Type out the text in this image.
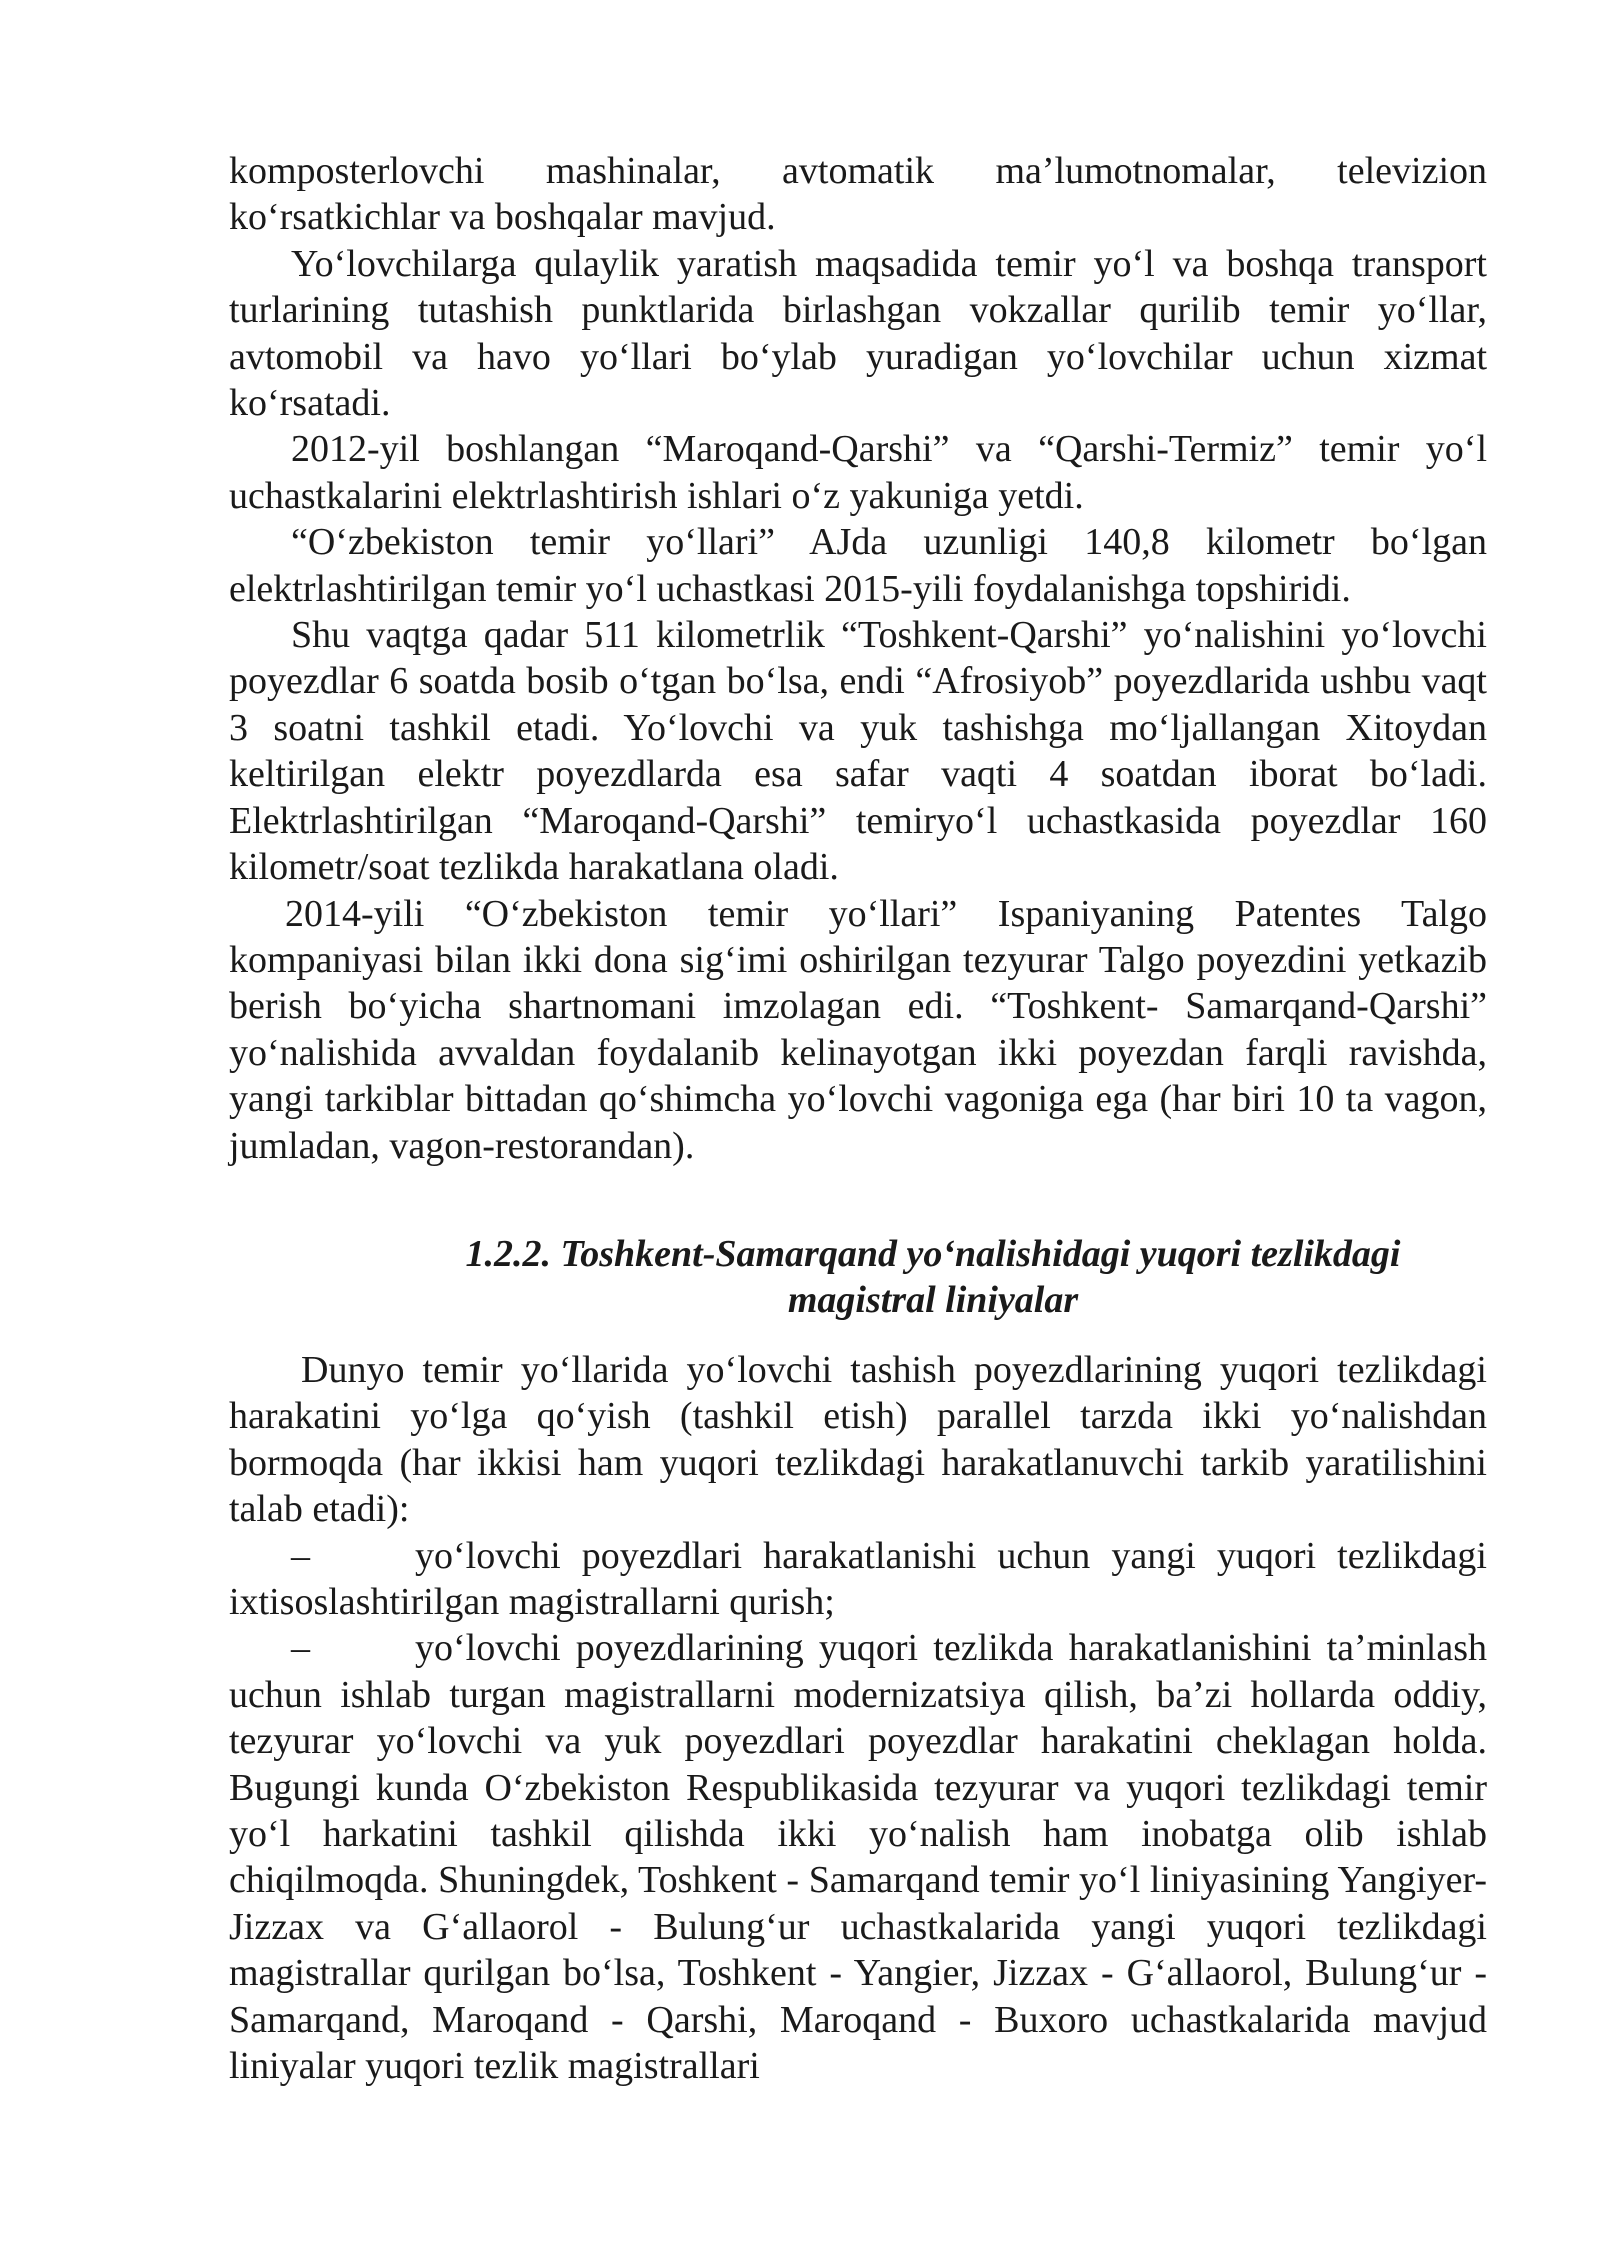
komposterlovchi mashinalar, avtomatik ma’lumotnomalar, televizion ko‘rsatkichlar va boshqalar mavjud.

Yo‘lovchilarga qulaylik yaratish maqsadida temir yo‘l va boshqa transport turlarining tutashish punktlarida birlashgan vokzallar qurilib temir yo‘llar, avtomobil va havo yo‘llari bo‘ylab yuradigan yo‘lovchilar uchun xizmat ko‘rsatadi.

2012-yil boshlangan “Maroqand-Qarshi” va “Qarshi-Termiz” temir yo‘l uchastkalarini elektrlashtirish ishlari o‘z yakuniga yetdi.

“O‘zbekiston temir yo‘llari” AJda uzunligi 140,8 kilometr bo‘lgan elektrlashtirilgan temir yo‘l uchastkasi 2015-yili foydalanishga topshiridi.

Shu vaqtga qadar 511 kilometrlik “Toshkent-Qarshi” yo‘nalishini yo‘lovchi poyezdlar 6 soatda bosib o‘tgan bo‘lsa, endi “Afrosiyob” poyezdlarida ushbu vaqt 3 soatni tashkil etadi. Yo‘lovchi va yuk tashishga mo‘ljallangan Xitoydan keltirilgan elektr poyezdlarda esa safar vaqti 4 soatdan iborat bo‘ladi. Elektrlashtirilgan “Maroqand-Qarshi” temiryo‘l uchastkasida poyezdlar 160 kilometr/soat tezlikda harakatlana oladi.

2014-yili “O‘zbekiston temir yo‘llari” Ispaniyaning Patentes Talgo kompaniyasi bilan ikki dona sig‘imi oshirilgan tezyurar Talgo poyezdini yetkazib berish bo‘yicha shartnomani imzolagan edi. “Toshkent- Samarqand-Qarshi” yo‘nalishida avvaldan foydalanib kelinayotgan ikki poyezdan farqli ravishda, yangi tarkiblar bittadan qo‘shimcha yo‘lovchi vagoniga ega (har biri 10 ta vagon, jumladan, vagon-restorandan).

1.2.2. Toshkent-Samarqand yo‘nalishidagi yuqori tezlikdagi
magistral liniyalar

Dunyo temir yo‘llarida yo‘lovchi tashish poyezdlarining yuqori tezlikdagi harakatini yo‘lga qo‘yish (tashkil etish) parallel tarzda ikki yo‘nalishdan bormoqda (har ikkisi ham yuqori tezlikdagi harakatlanuvchi tarkib yaratilishini talab etadi):

–	yo‘lovchi poyezdlari harakatlanishi uchun yangi yuqori tezlikdagi ixtisoslashtirilgan magistrallarni qurish;

–	yo‘lovchi poyezdlarining yuqori tezlikda harakatlanishini ta’minlash uchun ishlab turgan magistrallarni modernizatsiya qilish, ba’zi hollarda oddiy, tezyurar yo‘lovchi va yuk poyezdlari poyezdlar harakatini cheklagan holda. Bugungi kunda O‘zbekiston Respublikasida tezyurar va yuqori tezlikdagi temir yo‘l harkatini tashkil qilishda ikki yo‘nalish ham inobatga olib ishlab chiqilmoqda. Shuningdek, Toshkent - Samarqand temir yo‘l liniyasining Yangiyer- Jizzax va G‘allaorol - Bulung‘ur uchastkalarida yangi yuqori tezlikdagi magistrallar qurilgan bo‘lsa, Toshkent - Yangier, Jizzax - G‘allaorol, Bulung‘ur - Samarqand, Maroqand - Qarshi, Maroqand - Buxoro uchastkalarida mavjud liniyalar yuqori tezlik magistrallari
